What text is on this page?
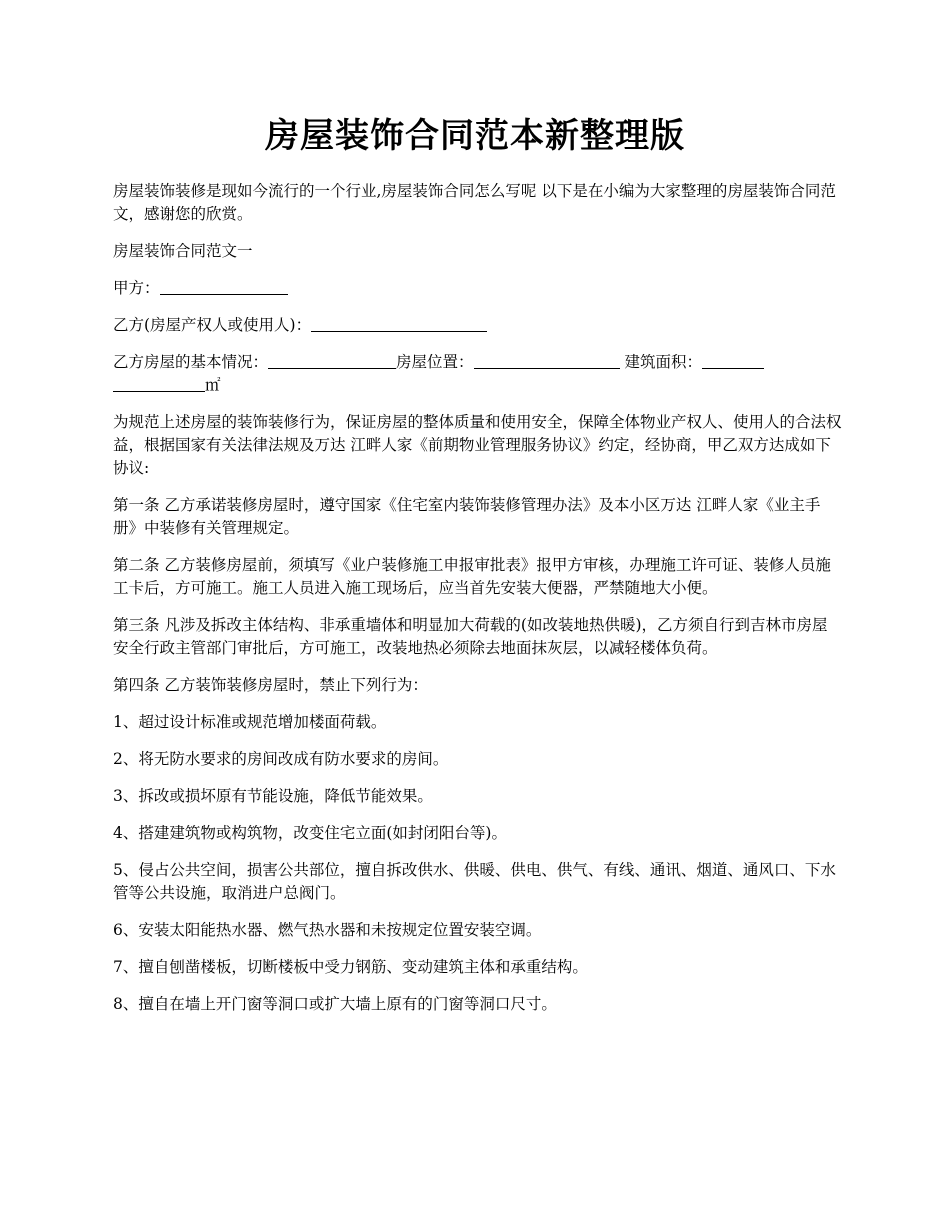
房屋装饰合同范本新整理版

房屋装饰装修是现如今流行的一个行业,房屋装饰合同怎么写呢 以下是在小编为大家整理的房屋装饰合同范文，感谢您的欣赏。

房屋装饰合同范文一

甲方：

乙方(房屋产权人或使用人)：

乙方房屋的基本情况：	房屋位置：	建筑面积：
㎡

为规范上述房屋的装饰装修行为，保证房屋的整体质量和使用安全，保障全体物业产权人、使用人的合法权益，根据国家有关法律法规及万达 江畔人家《前期物业管理服务协议》约定，经协商，甲乙双方达成如下协议:

第一条 乙方承诺装修房屋时，遵守国家《住宅室内装饰装修管理办法》及本小区万达 江畔人家《业主手册》中装修有关管理规定。

第二条 乙方装修房屋前，须填写《业户装修施工申报审批表》报甲方审核，办理施工许可证、装修人员施工卡后，方可施工。施工人员进入施工现场后，应当首先安装大便器，严禁随地大小便。

第三条 凡涉及拆改主体结构、非承重墙体和明显加大荷载的(如改装地热供暖)，乙方须自行到吉林市房屋安全行政主管部门审批后，方可施工，改装地热必须除去地面抹灰层，以减轻楼体负荷。

第四条 乙方装饰装修房屋时，禁止下列行为：

1、超过设计标准或规范增加楼面荷载。

2、将无防水要求的房间改成有防水要求的房间。

3、拆改或损坏原有节能设施，降低节能效果。

4、搭建建筑物或构筑物，改变住宅立面(如封闭阳台等)。

5、侵占公共空间，损害公共部位，擅自拆改供水、供暖、供电、供气、有线、通讯、烟道、通风口、下水管等公共设施，取消进户总阀门。

6、安装太阳能热水器、燃气热水器和未按规定位置安装空调。

7、擅自刨凿楼板，切断楼板中受力钢筋、变动建筑主体和承重结构。

8、擅自在墙上开门窗等洞口或扩大墙上原有的门窗等洞口尺寸。
